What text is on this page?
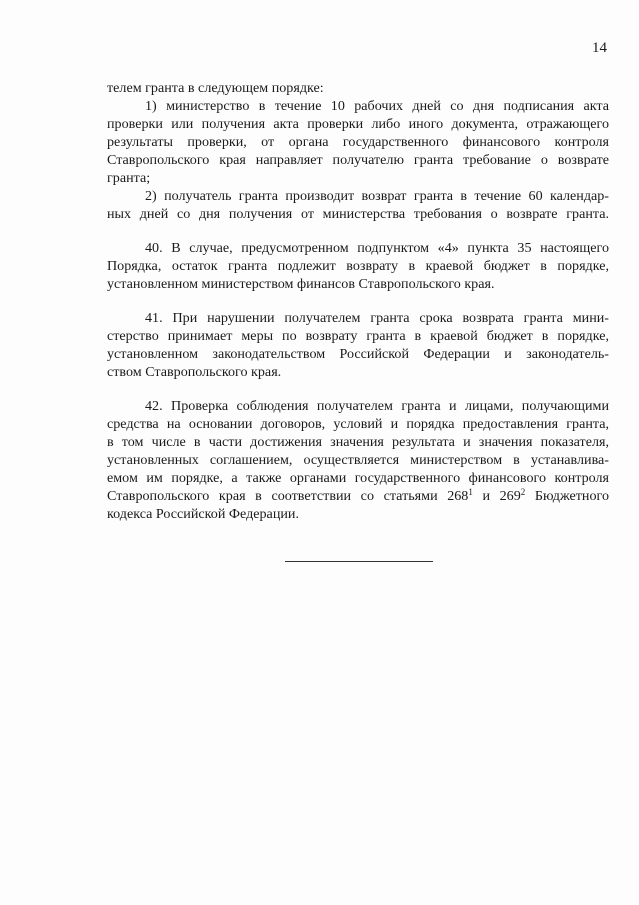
14
телем гранта в следующем порядке:
1) министерство в течение 10 рабочих дней со дня подписания акта
проверки или получения акта проверки либо иного документа, отражающего
результаты проверки, от органа государственного финансового контроля
Ставропольского края направляет получателю гранта требование о возврате
гранта;
2) получатель гранта производит возврат гранта в течение 60 календар-
ных дней со дня получения от министерства требования о возврате гранта.
40. В случае, предусмотренном подпунктом «4» пункта 35 настоящего
Порядка, остаток гранта подлежит возврату в краевой бюджет в порядке,
установленном министерством финансов Ставропольского края.
41. При нарушении получателем гранта срока возврата гранта мини-
стерство принимает меры по возврату гранта в краевой бюджет в порядке,
установленном законодательством Российской Федерации и законодатель-
ством Ставропольского края.
42. Проверка соблюдения получателем гранта и лицами, получающими
средства на основании договоров, условий и порядка предоставления гранта,
в том числе в части достижения значения результата и значения показателя,
установленных соглашением, осуществляется министерством в устанавлива-
емом им порядке, а также органами государственного финансового контроля
Ставропольского края в соответствии со статьями $268^1$ и $269^2$ Бюджетного
кодекса Российской Федерации.
